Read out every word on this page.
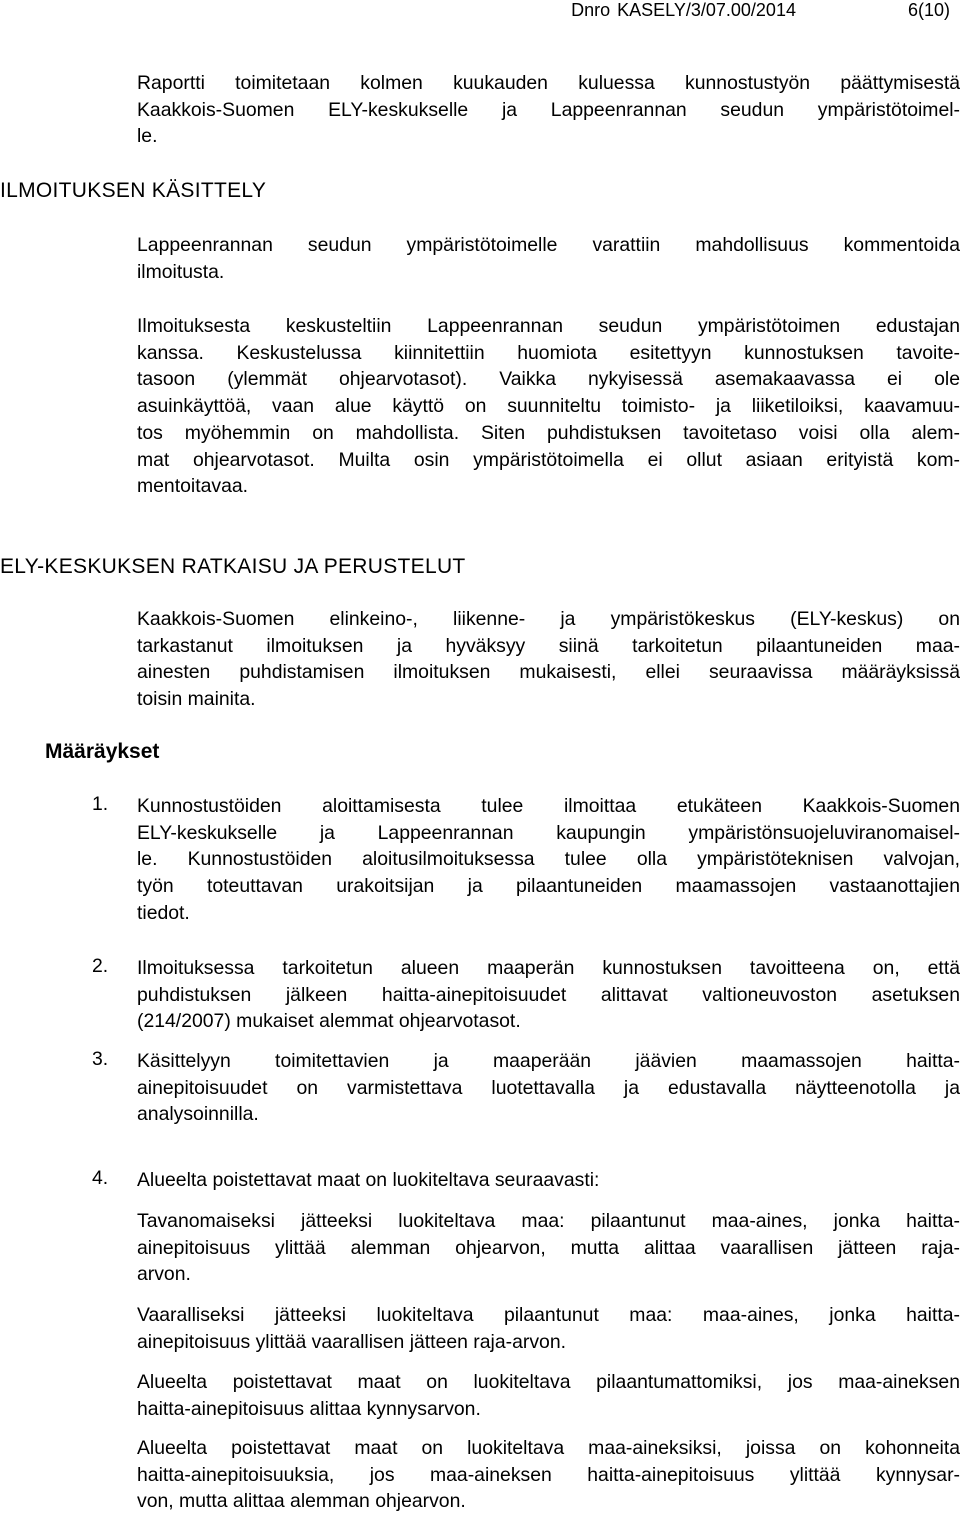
Dnro KASELY/3/07.00/2014	6(10)
Raportti toimitetaan kolmen kuukauden kuluessa kunnostustyön päättymisestä
Kaakkois-Suomen ELY-keskukselle ja Lappeenrannan seudun ympäristötoimel-
le.
ILMOITUKSEN KÄSITTELY
Lappeenrannan seudun ympäristötoimelle varattiin mahdollisuus kommentoida
ilmoitusta.
Ilmoituksesta keskusteltiin Lappeenrannan seudun ympäristötoimen edustajan
kanssa. Keskustelussa kiinnitettiin huomiota esitettyyn kunnostuksen tavoite-
tasoon (ylemmät ohjearvotasot). Vaikka nykyisessä asemakaavassa ei ole
asuinkäyttöä, vaan alue käyttö on suunniteltu toimisto- ja liiketiloiksi, kaavamuu-
tos myöhemmin on mahdollista. Siten puhdistuksen tavoitetaso voisi olla alem-
mat ohjearvotasot. Muilta osin ympäristötoimella ei ollut asiaan erityistä kom-
mentoitavaa.
ELY-KESKUKSEN RATKAISU JA PERUSTELUT
Kaakkois-Suomen elinkeino-, liikenne- ja ympäristökeskus (ELY-keskus) on
tarkastanut ilmoituksen ja hyväksyy siinä tarkoitetun pilaantuneiden maa-
ainesten puhdistamisen ilmoituksen mukaisesti, ellei seuraavissa määräyksissä
toisin mainita.
Määräykset
1. Kunnostustöiden aloittamisesta tulee ilmoittaa etukäteen Kaakkois-Suomen
ELY-keskukselle ja Lappeenrannan kaupungin ympäristönsuojeluviranomaisel-
le. Kunnostustöiden aloitusilmoituksessa tulee olla ympäristöteknisen valvojan,
työn toteuttavan urakoitsijan ja pilaantuneiden maamassojen vastaanottajien
tiedot.
2. Ilmoituksessa tarkoitetun alueen maaperän kunnostuksen tavoitteena on, että
puhdistuksen jälkeen haitta-ainepitoisuudet alittavat valtioneuvoston asetuksen
(214/2007) mukaiset alemmat ohjearvotasot.
3. Käsittelyyn toimitettavien ja maaperään jäävien maamassojen haitta-
ainepitoisuudet on varmistettava luotettavalla ja edustavalla näytteenotolla ja
analysoinnilla.
4. Alueelta poistettavat maat on luokiteltava seuraavasti:
Tavanomaiseksi jätteeksi luokiteltava maa: pilaantunut maa-aines, jonka haitta-
ainepitoisuus ylittää alemman ohjearvon, mutta alittaa vaarallisen jätteen raja-
arvon.
Vaaralliseksi jätteeksi luokiteltava pilaantunut maa: maa-aines, jonka haitta-
ainepitoisuus ylittää vaarallisen jätteen raja-arvon.
Alueelta poistettavat maat on luokiteltava pilaantumattomiksi, jos maa-aineksen
haitta-ainepitoisuus alittaa kynnysarvon.
Alueelta poistettavat maat on luokiteltava maa-aineksiksi, joissa on kohonneita
haitta-ainepitoisuuksia, jos maa-aineksen haitta-ainepitoisuus ylittää kynnysar-
von, mutta alittaa alemman ohjearvon.
